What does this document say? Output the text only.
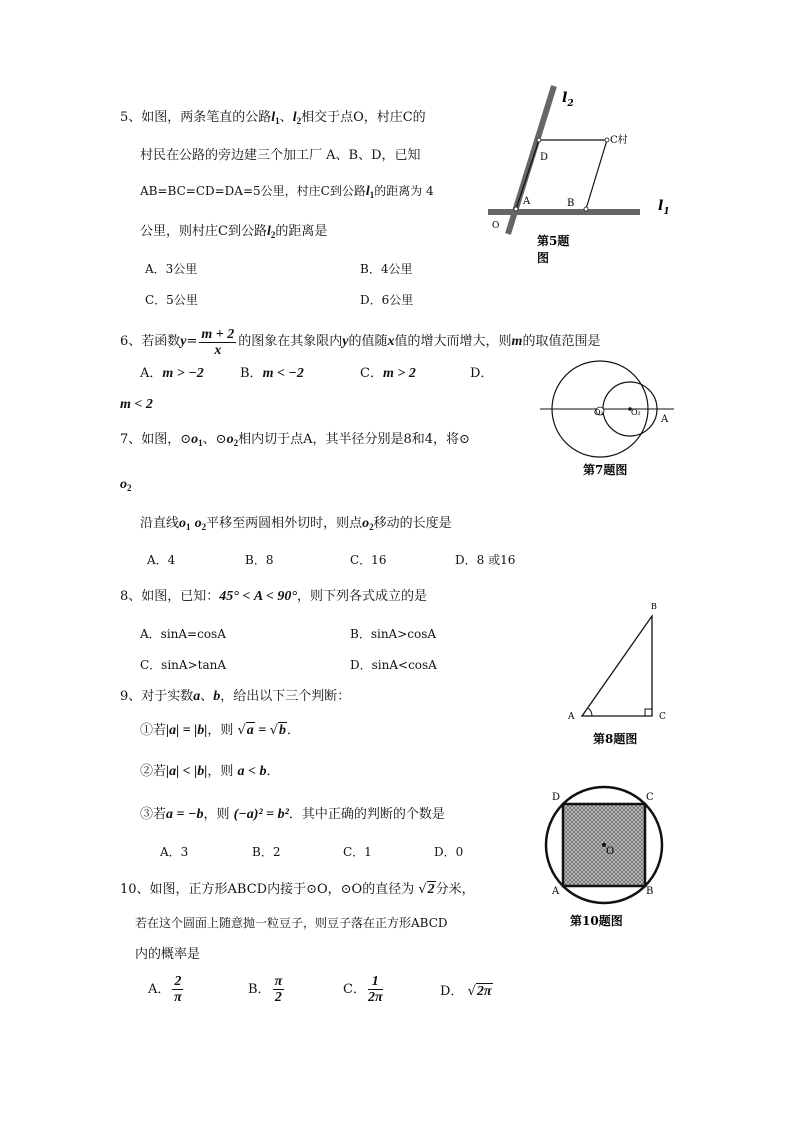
5、如图，两条笔直的公路$l_1$、$l_2$相交于点O，村庄C的
村民在公路的旁边建三个加工厂 A、B、D，已知
AB=BC=CD=DA=5公里，村庄C到公路$l_1$的距离为 4
公里，则村庄C到公路$l_2$的距离是
A．3公里	B．4公里
C．5公里	D．6公里
$l_2$
$l_1$
D
C村
A	B
O
第5题
图
6、若函数$y= \frac{m + 2}{x}$ 的图象在其象限内y的值随x值的增大而增大，则m的取值范围是
A．m > −2	B．m < −2	C．m > 2	D．
m < 2
O₁	O₂
A
第7题图
7、如图，$⊙o_1$、$⊙o_2$相内切于点A，其半径分别是8和4，将⊙
$o_2$
沿直线$o_1$ $o_2$平移至两圆相外切时，则点$o_2$移动的长度是
A．4	B．8	C．16	D．8 或16
8、如图，已知：45° < A < 90°，则下列各式成立的是
A．sinA=cosA	B．sinA>cosA
C．sinA>tanA	D．sinA<cosA
B
A	C
第8题图
9、对于实数a、b，给出以下三个判断：
①若|a| = |b|，则 √a = √b．
②若|a| < |b|，则 a < b．
③若a = −b，则 (−a)² = b²．其中正确的判断的个数是
A．3	B．2	C．1	D．0	O
D	C
A	B
第10题图
10、如图，正方形ABCD内接于⊙O，⊙O的直径为 √2分米，
若在这个圆面上随意抛一粒豆子，则豆子落在正方形ABCD
内的概率是
A． $\frac{2}{\pi}$	B． $\frac{\pi}{2}$	C． $\frac{1}{2\pi}$	D． √2π
